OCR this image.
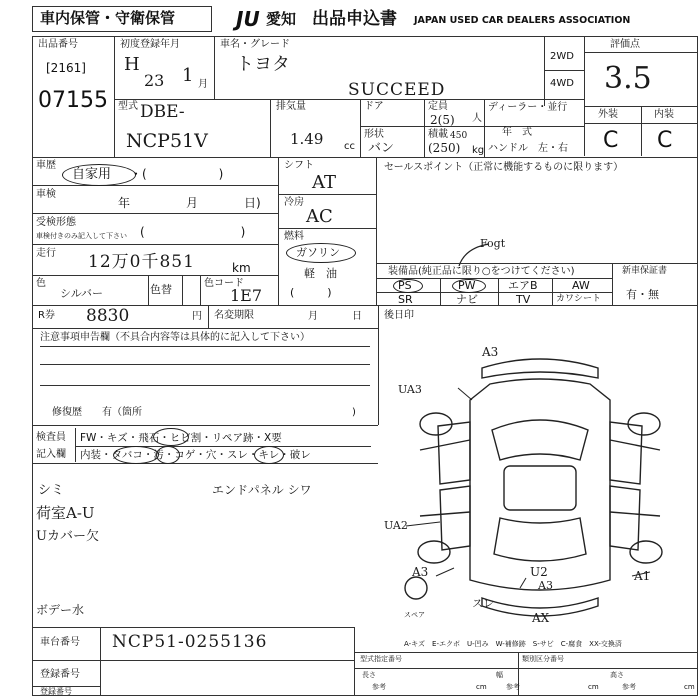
車内保管・守衛保管	JU 愛知 出品申込書 JAPAN USED CAR DEALERS ASSOCIATION
出品番号
[2161]
07155
初度登録年月
H
23 1 月
車名・グレード
トヨタ
SUCCEED
2WD
4WD
評価点
3.5
外装	内装
C C
型式 DBE-
NCP51V
排気量
1.49 cc
ドア	定員
2(5) 人
形状
バン
積載 450
(250) kg
ディーラー・並行
年　式
ハンドル　左・右
車歴
自家用 ・(　　　　　　)
車検
年	月	日)
受検形態
車検付きのみ記入して下さい (　　　　　　　　)
走行 12万0千851	km
色
シルバー	色替	色コード
1E7
シフト
AT
冷房
AC
燃料
ガソリン
軽　油
(　　　)
セールスポイント（正常に機能するものに限ります）
Fogt
装備品(純正品に限り○をつけてください)
PS	PW	エアB	AW
SR	ナビ	TV	カワシート
新車保証書
有・無
R券 8830	円 名変期限	月	日 後日印
注意事項申告欄（不具合内容等は具体的に記入して下さい）
修復歴　　有（箇所	)
検査員
記入欄
FW・キズ・飛石・ヒビ割・リペア跡・X要
内装・タバコ・汚・コゲ・穴・スレ・キレ・破レ
シミ
荷室A-U
Uカバー欠
エンドパネル シワ
ボデー水
A3
UA3
UA2
A3	A1
U2
A3
AX
スレ
スペア
A-キズ　E-エクボ　U-凹み　W-補修跡　S-サビ　C-腐食　XX-交換済
車台番号 NCP51-0255136
登録番号
登録番号
型式指定番号	類別区分番号
長さ	幅	高さ
参考	参考	参考
cm	cm	cm
